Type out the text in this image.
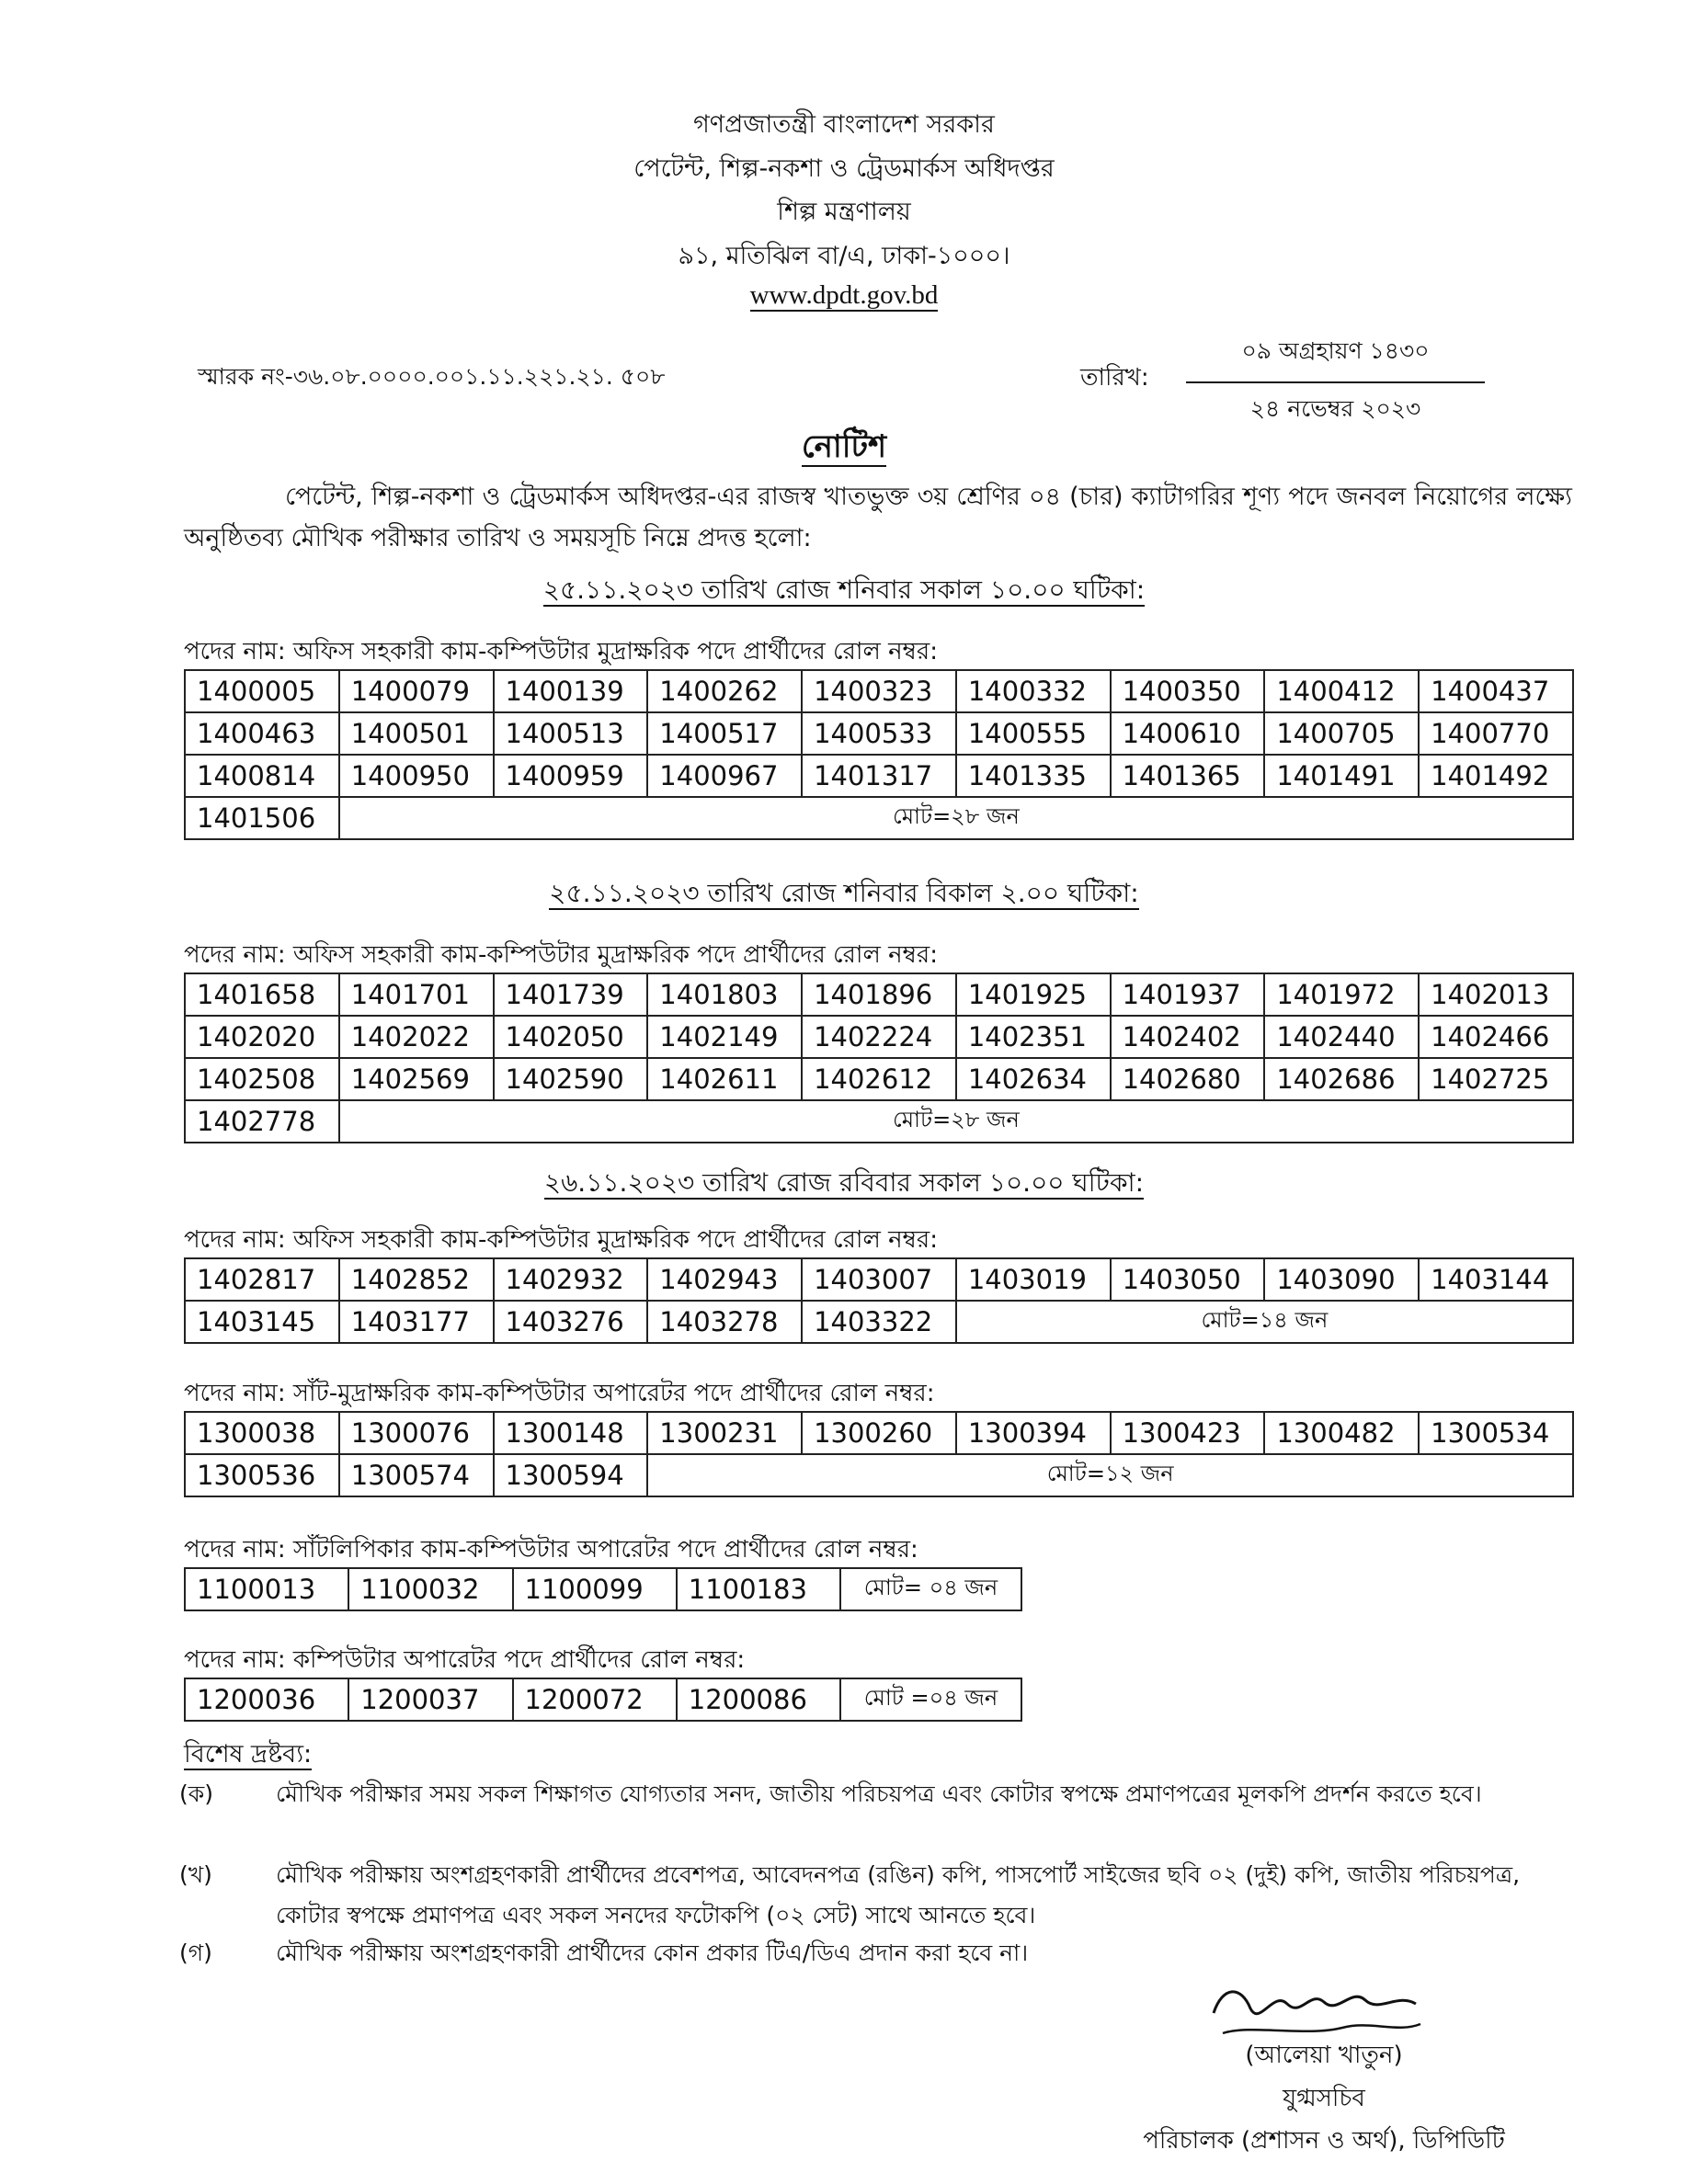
গণপ্রজাতন্ত্রী বাংলাদেশ সরকার
পেটেন্ট, শিল্প-নকশা ও ট্রেডমার্কস অধিদপ্তর
শিল্প মন্ত্রণালয়
৯১, মতিঝিল বা/এ, ঢাকা-১০০০।
www.dpdt.gov.bd
স্মারক নং-৩৬.০৮.০০০০.০০১.১১.২২১.২১. ৫০৮	তারিখ:
০৯ অগ্রহায়ণ ১৪৩০
২৪ নভেম্বর ২০২৩
নোটিশ
পেটেন্ট, শিল্প-নকশা ও ট্রেডমার্কস অধিদপ্তর-এর রাজস্ব খাতভুক্ত ৩য় শ্রেণির ০৪ (চার) ক্যাটাগরির শূণ্য পদে জনবল নিয়োগের লক্ষ্যে অনুষ্ঠিতব্য মৌখিক পরীক্ষার তারিখ ও সময়সূচি নিম্নে প্রদত্ত হলো:
২৫.১১.২০২৩ তারিখ রোজ শনিবার সকাল ১০.০০ ঘটিকা:
পদের নাম: অফিস সহকারী কাম-কম্পিউটার মুদ্রাক্ষরিক পদে প্রার্থীদের রোল নম্বর:
1400005	1400079	1400139	1400262	1400323	1400332	1400350	1400412	1400437
1400463	1400501	1400513	1400517	1400533	1400555	1400610	1400705	1400770
1400814	1400950	1400959	1400967	1401317	1401335	1401365	1401491	1401492
1401506	মোট=২৮ জন							
২৫.১১.২০২৩ তারিখ রোজ শনিবার বিকাল ২.০০ ঘটিকা:
পদের নাম: অফিস সহকারী কাম-কম্পিউটার মুদ্রাক্ষরিক পদে প্রার্থীদের রোল নম্বর:
1401658	1401701	1401739	1401803	1401896	1401925	1401937	1401972	1402013
1402020	1402022	1402050	1402149	1402224	1402351	1402402	1402440	1402466
1402508	1402569	1402590	1402611	1402612	1402634	1402680	1402686	1402725
1402778	মোট=২৮ জন							
২৬.১১.২০২৩ তারিখ রোজ রবিবার সকাল ১০.০০ ঘটিকা:
পদের নাম: অফিস সহকারী কাম-কম্পিউটার মুদ্রাক্ষরিক পদে প্রার্থীদের রোল নম্বর:
1402817	1402852	1402932	1402943	1403007	1403019	1403050	1403090	1403144
1403145	1403177	1403276	1403278	1403322	মোট=১৪ জন			
পদের নাম: সাঁট-মুদ্রাক্ষরিক কাম-কম্পিউটার অপারেটর পদে প্রার্থীদের রোল নম্বর:
1300038	1300076	1300148	1300231	1300260	1300394	1300423	1300482	1300534
1300536	1300574	1300594	মোট=১২ জন					
পদের নাম: সাঁটলিপিকার কাম-কম্পিউটার অপারেটর পদে প্রার্থীদের রোল নম্বর:
1100013	1100032	1100099	1100183	মোট= ০৪ জন
পদের নাম: কম্পিউটার অপারেটর পদে প্রার্থীদের রোল নম্বর:
1200036	1200037	1200072	1200086	মোট =০৪ জন
বিশেষ দ্রষ্টব্য:
(ক)	মৌখিক পরীক্ষার সময় সকল শিক্ষাগত যোগ্যতার সনদ, জাতীয় পরিচয়পত্র এবং কোটার স্বপক্ষে প্রমাণপত্রের মূলকপি প্রদর্শন করতে হবে।
(খ)	মৌখিক পরীক্ষায় অংশগ্রহণকারী প্রার্থীদের প্রবেশপত্র, আবেদনপত্র (রঙিন) কপি, পাসপোর্ট সাইজের ছবি ০২ (দুই) কপি, জাতীয় পরিচয়পত্র, কোটার স্বপক্ষে প্রমাণপত্র এবং সকল সনদের ফটোকপি (০২ সেট) সাথে আনতে হবে।
(গ)	মৌখিক পরীক্ষায় অংশগ্রহণকারী প্রার্থীদের কোন প্রকার টিএ/ডিএ প্রদান করা হবে না।
(আলেয়া খাতুন)
যুগ্মসচিব
পরিচালক (প্রশাসন ও অর্থ), ডিপিডিটি
